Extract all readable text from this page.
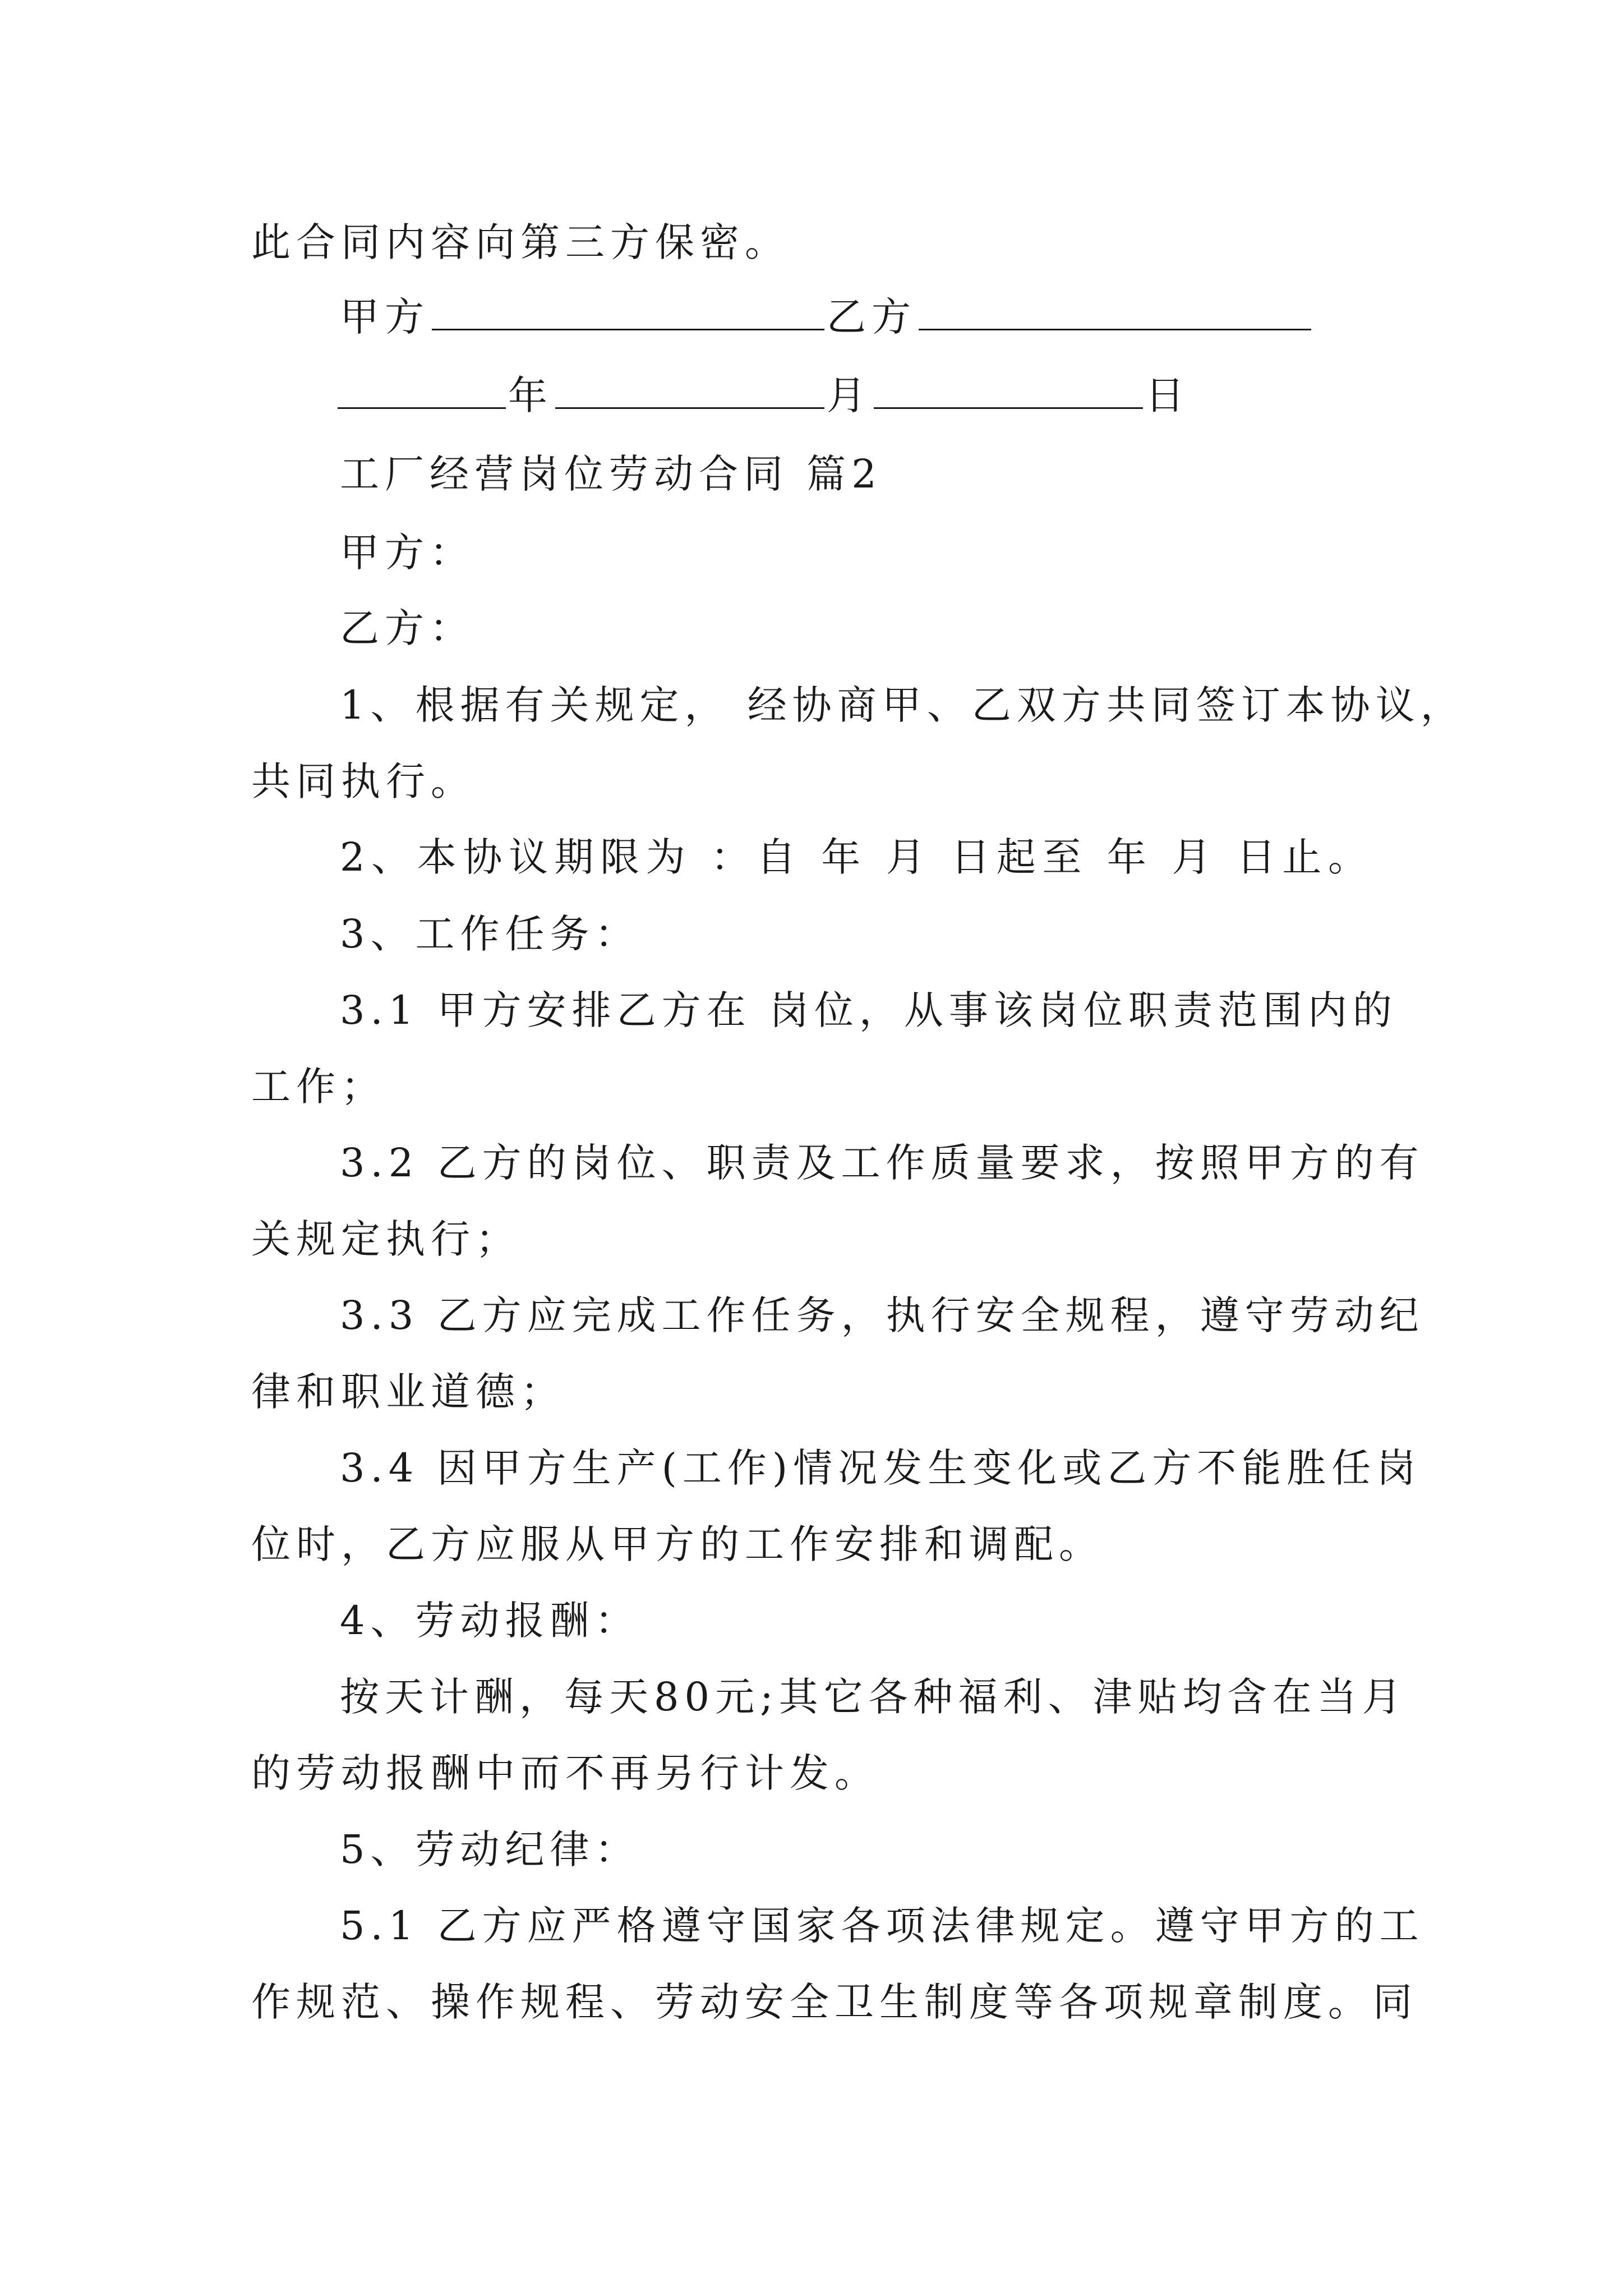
此合同内容向第三方保密。
甲方	乙方
年	月	日
工厂经营岗位劳动合同 篇2
甲方：
乙方：
1、根据有关规定， 经协商甲、乙双方共同签订本协议，
共同执行。
2、本协议期限为 ：自 年 月 日起至 年 月 日止。
3、工作任务：
3.1 甲方安排乙方在 岗位，从事该岗位职责范围内的
工作；
3.2 乙方的岗位、职责及工作质量要求，按照甲方的有
关规定执行；
3.3 乙方应完成工作任务，执行安全规程，遵守劳动纪
律和职业道德；
3.4 因甲方生产(工作)情况发生变化或乙方不能胜任岗
位时，乙方应服从甲方的工作安排和调配。
4、劳动报酬：
按天计酬，每天80元;其它各种福利、津贴均含在当月
的劳动报酬中而不再另行计发。
5、劳动纪律：
5.1 乙方应严格遵守国家各项法律规定。遵守甲方的工
作规范、操作规程、劳动安全卫生制度等各项规章制度。同
